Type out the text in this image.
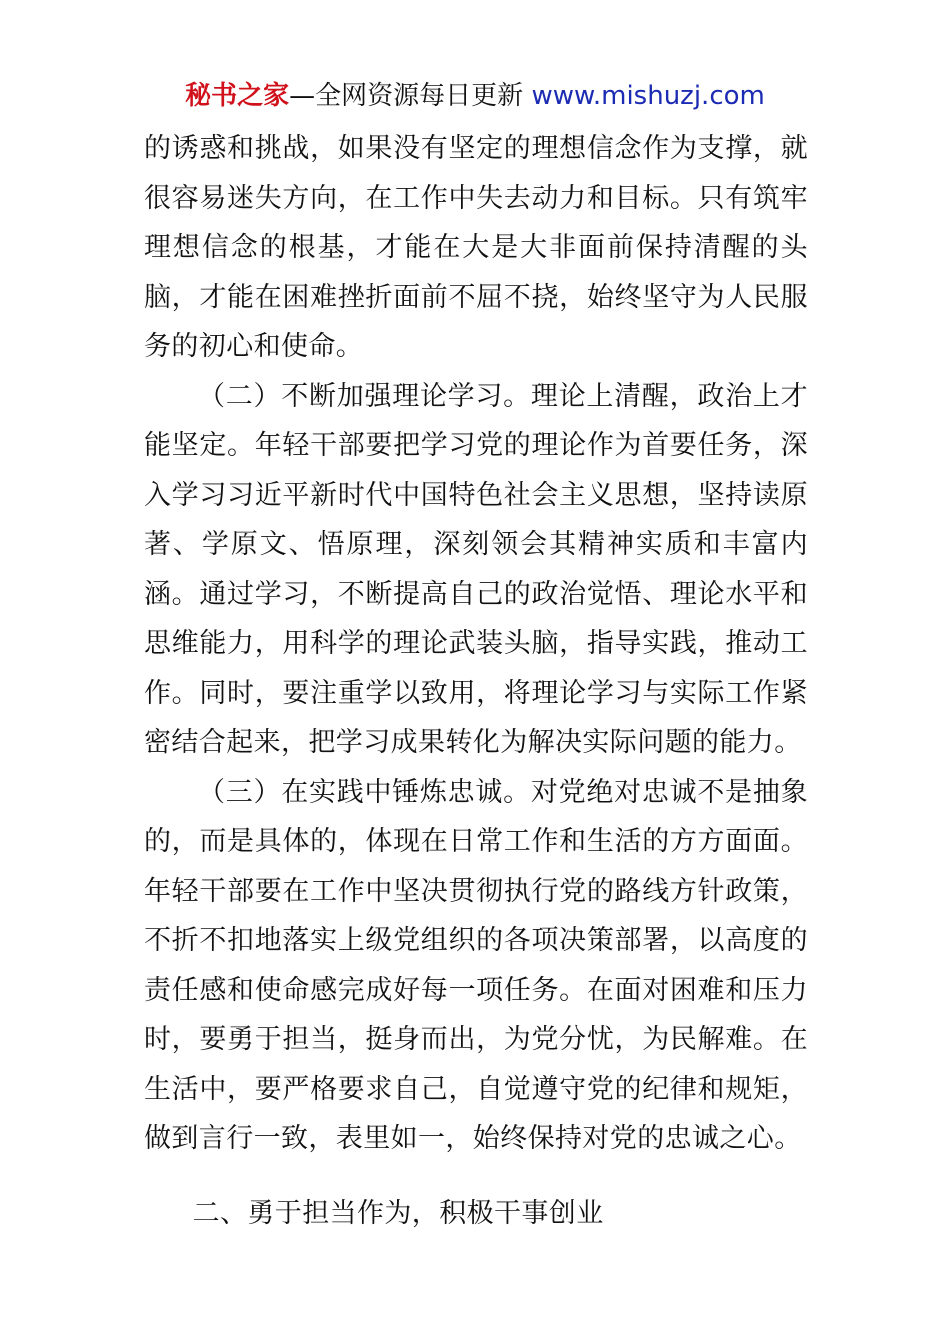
秘书之家—全网资源每日更新 www.mishuzj.com

的诱惑和挑战，如果没有坚定的理想信念作为支撑，就很容易迷失方向，在工作中失去动力和目标。只有筑牢理想信念的根基，才能在大是大非面前保持清醒的头脑，才能在困难挫折面前不屈不挠，始终坚守为人民服务的初心和使命。

（二）不断加强理论学习。理论上清醒，政治上才能坚定。年轻干部要把学习党的理论作为首要任务，深入学习习近平新时代中国特色社会主义思想，坚持读原著、学原文、悟原理，深刻领会其精神实质和丰富内涵。通过学习，不断提高自己的政治觉悟、理论水平和思维能力，用科学的理论武装头脑，指导实践，推动工作。同时，要注重学以致用，将理论学习与实际工作紧密结合起来，把学习成果转化为解决实际问题的能力。

（三）在实践中锤炼忠诚。对党绝对忠诚不是抽象的，而是具体的，体现在日常工作和生活的方方面面。年轻干部要在工作中坚决贯彻执行党的路线方针政策，不折不扣地落实上级党组织的各项决策部署，以高度的责任感和使命感完成好每一项任务。在面对困难和压力时，要勇于担当，挺身而出，为党分忧，为民解难。在生活中，要严格要求自己，自觉遵守党的纪律和规矩，做到言行一致，表里如一，始终保持对党的忠诚之心。

二、勇于担当作为，积极干事创业
